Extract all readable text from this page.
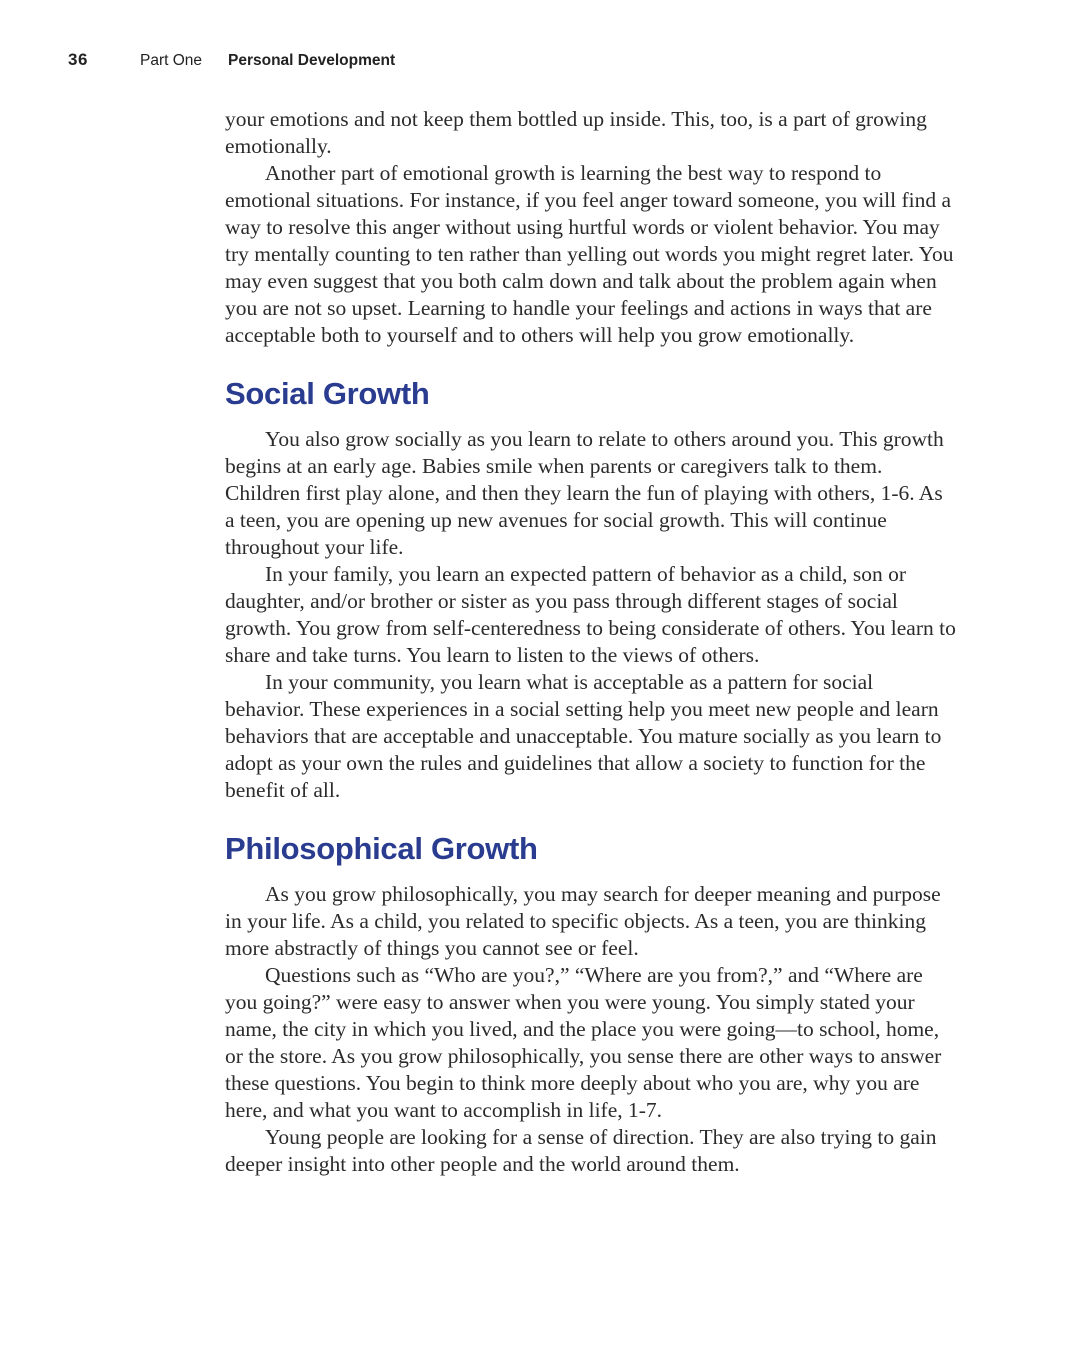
36	Part One Personal Development

your emotions and not keep them bottled up inside. This, too, is a part of growing emotionally.

Another part of emotional growth is learning the best way to respond to emotional situations. For instance, if you feel anger toward someone, you will find a way to resolve this anger without using hurtful words or violent behavior. You may try mentally counting to ten rather than yelling out words you might regret later. You may even suggest that you both calm down and talk about the problem again when you are not so upset. Learning to handle your feelings and actions in ways that are acceptable both to yourself and to others will help you grow emotionally.

Social Growth

You also grow socially as you learn to relate to others around you. This growth begins at an early age. Babies smile when parents or caregivers talk to them. Children first play alone, and then they learn the fun of playing with others, 1-6. As a teen, you are opening up new avenues for social growth. This will continue throughout your life.

In your family, you learn an expected pattern of behavior as a child, son or daughter, and/or brother or sister as you pass through different stages of social growth. You grow from self-centeredness to being considerate of others. You learn to share and take turns. You learn to listen to the views of others.

In your community, you learn what is acceptable as a pattern for social behavior. These experiences in a social setting help you meet new people and learn behaviors that are acceptable and unacceptable. You mature socially as you learn to adopt as your own the rules and guidelines that allow a society to function for the benefit of all.

Philosophical Growth

As you grow philosophically, you may search for deeper meaning and purpose in your life. As a child, you related to specific objects. As a teen, you are thinking more abstractly of things you cannot see or feel.

Questions such as “Who are you?,” “Where are you from?,” and “Where are you going?” were easy to answer when you were young. You simply stated your name, the city in which you lived, and the place you were going—to school, home, or the store. As you grow philosophically, you sense there are other ways to answer these questions. You begin to think more deeply about who you are, why you are here, and what you want to accomplish in life, 1-7.

Young people are looking for a sense of direction. They are also trying to gain deeper insight into other people and the world around them.
